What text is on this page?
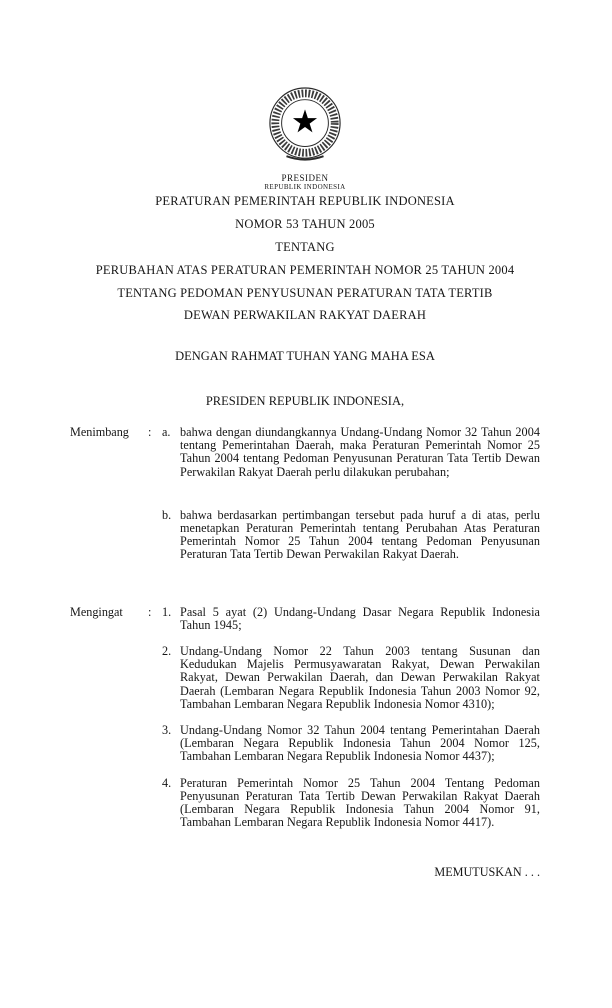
PRESIDEN
REPUBLIK INDONESIA
PERATURAN PEMERINTAH REPUBLIK INDONESIA
NOMOR 53 TAHUN 2005
TENTANG
PERUBAHAN ATAS PERATURAN PEMERINTAH NOMOR 25 TAHUN 2004
TENTANG PEDOMAN PENYUSUNAN PERATURAN TATA TERTIB
DEWAN PERWAKILAN RAKYAT DAERAH
DENGAN RAHMAT TUHAN YANG MAHA ESA
PRESIDEN REPUBLIK INDONESIA,
Menimbang	: a. bahwa dengan diundangkannya Undang-Undang Nomor 32 Tahun 2004 tentang Pemerintahan Daerah, maka Peraturan Pemerintah Nomor 25 Tahun 2004 tentang Pedoman Penyusunan Peraturan Tata Tertib Dewan Perwakilan Rakyat Daerah perlu dilakukan perubahan;
b. bahwa berdasarkan pertimbangan tersebut pada huruf a di atas, perlu menetapkan Peraturan Pemerintah tentang Perubahan Atas Peraturan Pemerintah Nomor 25 Tahun 2004 tentang Pedoman Penyusunan Peraturan Tata Tertib Dewan Perwakilan Rakyat Daerah.
Mengingat	: 1. Pasal 5 ayat (2) Undang-Undang Dasar Negara Republik Indonesia Tahun 1945;
2. Undang-Undang Nomor 22 Tahun 2003 tentang Susunan dan Kedudukan Majelis Permusyawaratan Rakyat, Dewan Perwakilan Rakyat, Dewan Perwakilan Daerah, dan Dewan Perwakilan Rakyat Daerah (Lembaran Negara Republik Indonesia Tahun 2003 Nomor 92, Tambahan Lembaran Negara Republik Indonesia Nomor 4310);
3. Undang-Undang Nomor 32 Tahun 2004 tentang Pemerintahan Daerah (Lembaran Negara Republik Indonesia Tahun 2004 Nomor 125, Tambahan Lembaran Negara Republik Indonesia Nomor 4437);
4. Peraturan Pemerintah Nomor 25 Tahun 2004 Tentang Pedoman Penyusunan Peraturan Tata Tertib Dewan Perwakilan Rakyat Daerah (Lembaran Negara Republik Indonesia Tahun 2004 Nomor 91, Tambahan Lembaran Negara Republik Indonesia Nomor 4417).
MEMUTUSKAN . . .
